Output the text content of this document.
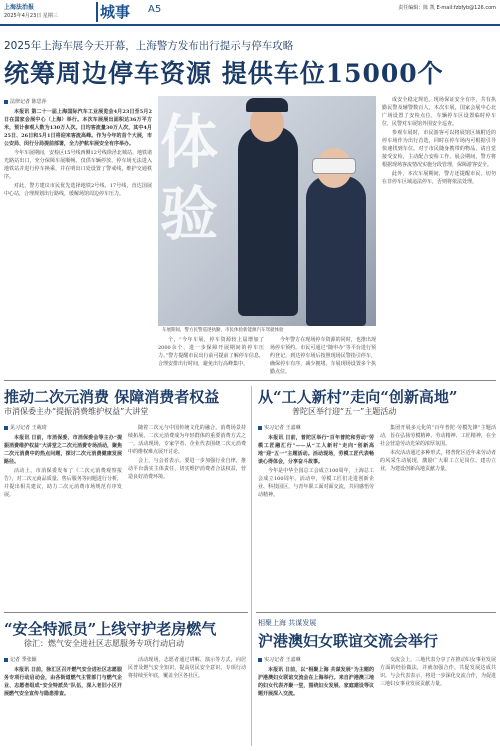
上海法治报
2025年4月23日 星期三	城事 A5	责任编辑：陈 凯 E-mail:fzbfyb@126.com
2025年上海车展今天开幕，上海警方发布出行提示与停车攻略
统筹周边停车资源 提供车位15000个
法律记者 陈思萍

本报讯 第二十一届上海国际汽车工业展览会4月23日至5月2日在国家会展中心（上海）举行。本次车展展出面积达36万平方米，预计参观人数为130万人次。日均客流量30万人次，其中4月25日、26日和5月1日将迎来客流高峰。作为今年的首个大展，市公安局、闵行分局提前部署，全力护航车展安全有序举办。

今年车展期间，安检区15号线西侧12号线徐泾北城站、地铁诸光路站出口，充分保障车展顺畅。仅供车辆停放，停车场无法进入地铁站并进行停车换乘，并在明出口处设置了警戒线，维护交通秩序。

对此，警方建议市民优先选择地铁2号线、17号线，直达国展中心站，合理规划出行路线，缓解场馆周边停车压力。

体验
车展期间，警方民警巡逻执勤，市民体验新能源汽车驾驶体验

个，“今年车展，停车资源较上届增加了2000余个，进一步保障开展期间的停车压力。”警方提醒市民出行前可提前了解停车信息，合理安排出行时间，避免出行高峰集中。

今年警方在现场停车资源的同时，也推出现场停车预约。市民可通过“随申办”等平台进行预约登记，到达停车场后按照现场民警指引停车，确保停车有序，减少拥堵。车展现场设置多个执勤点位。

成安全稳定规范。现场保证安全有序，共有执勤民警及辅警数百人，本次车展，国家会展中心北广场设置了安检点位，车辆停车区设置临时停车位，民警对车展馆外围安全巡查。

参观车展时，市民游客可以将展馆区域附近的停车场作为出行首选，同时在停车场内可根据引导快速找到车位。对于市民随身携带的物品，请自觉接受安检，主动配合安检工作。展会期间，警方将根据现场客流情况实施分段管理，保障游客安全。

此外，本次车展期间，警方还提醒市民，切勿在非停车区域违法停车，否则将依法处理。

推动二次元消费 保障消费者权益
市消保委主办“提振消费维护权益”大讲堂
见习记者 王葳琦

本报讯 日前，市消保委、市消保委会等主办“提振消费维护权益”大讲堂之二次元消费专场活动，聚焦二次元消费中的热点问题，探讨二次元消费健康发展路径。

活动上，市消保委发布了《二次元消费观察报告》，对二次元商品质量、售后服务等问题进行分析，并提出相关建议，助力二次元消费市场规范有序发展。

随着二次元与中国传统文化的融合，消费场景持续拓展，二次元消费成为年轻群体的重要消费方式之一。活动现场，专家学者、企业代表围绕二次元消费中的维权难点展开讨论。

会上，与会者表示，要进一步加强行业自律，推动平台落实主体责任，切实维护消费者合法权益，营造良好消费环境。

从“工人新村”走向“创新高地”
普陀区举行迎“五一”主题活动
实习记者 王嘉琳

本报讯 日前，普陀区举行“百年普陀和劳动”劳模工匠融汇行”——从“工人新村”走向“创新高地”迎“五一”主题活动。活动现场，劳模工匠代表畅谈心得体会，分享奋斗故事。

今年是中华全国总工会成立100周年，上海总工会成立100周年。活动中，劳模工匠们走进创新企业、科技园区，与青年职工面对面交流，共同感悟劳动精神。

集团开展多元化的“百年普陀·劳模先锋”主题活动，旨在弘扬劳模精神、劳动精神、工匠精神，在全社会营造劳动光荣的浓厚氛围。

本次活动通过多种形式，将普陀区近年来劳动者的风采生动展现，激励广大职工立足岗位、建功立业，为建设创新高地贡献力量。

“安全特派员”上线守护老房燃气
徐汇：燃气安全进社区志愿服务专项行动启动
记者 季张颖

本报讯 日前，徐汇区召开燃气安全进社区志愿服务专项行动启动会，由各街道燃气主管部门与燃气企业、志愿者组成“安全特派员”队伍，深入老旧小区开展燃气安全宣传与隐患排查。

活动现场，志愿者通过讲解、演示等方式，向居民普及燃气安全知识，提高居民安全意识。专项行动将持续至年底，覆盖全区各社区。

相聚上海 共谋发展
沪港澳妇女联谊交流会举行
实习记者 王嘉琳

本报讯 日前，以“相聚上海 共谋发展”为主题的沪港澳妇女联谊交流会在上海举行。来自沪港澳三地的妇女代表齐聚一堂，围绕妇女发展、家庭建设等议题开展深入交流。

交流会上，三地代表分享了在推动妇女事业发展方面的经验做法，并就加强合作、共促发展达成共识。与会代表表示，将进一步深化交流合作，为促进三地妇女事业发展贡献力量。
